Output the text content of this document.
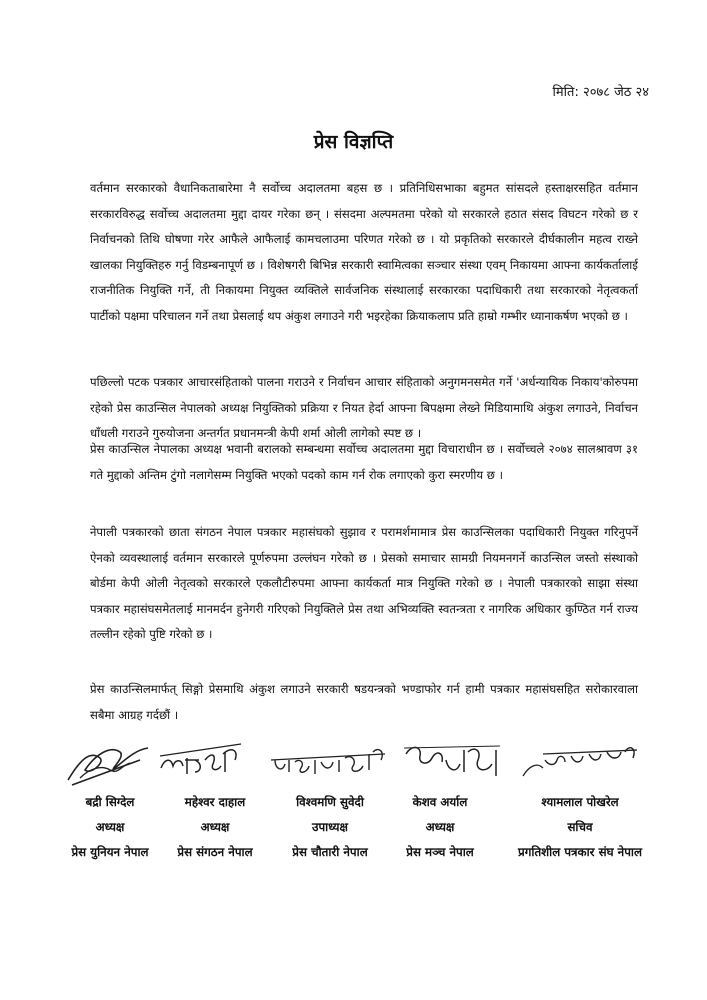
मिति: २०७८ जेठ २४
प्रेस विज्ञप्ति

वर्तमान सरकारको वैधानिकताबारेमा नै सर्वोच्च अदालतमा बहस छ । प्रतिनिधिसभाका बहुमत सांसदले हस्ताक्षरसहित वर्तमान सरकारविरुद्ध सर्वोच्च अदालतमा मुद्दा दायर गरेका छन् । संसदमा अल्पमतमा परेको यो सरकारले हठात संसद विघटन गरेको छ र निर्वाचनको तिथि घोषणा गरेर आफैले आफैलाई कामचलाउमा परिणत गरेको छ । यो प्रकृतिको सरकारले दीर्घकालीन महत्व राख्ने खालका नियुक्तिहरु गर्नु विडम्बनापूर्ण छ । विशेषगरी बिभिन्न सरकारी स्वामित्वका सञ्चार संस्था एवम् निकायमा आफ्ना कार्यकर्तालाई राजनीतिक नियुक्ति गर्ने, ती निकायमा नियुक्त व्यक्तिले सार्वजनिक संस्थालाई सरकारका पदाधिकारी तथा सरकारको नेतृत्वकर्ता पार्टीको पक्षमा परिचालन गर्ने तथा प्रेसलाई थप अंकुश लगाउने गरी भइरहेका क्रियाकलाप प्रति हाम्रो गम्भीर ध्यानाकर्षण भएको छ ।

पछिल्लो पटक पत्रकार आचारसंहिताको पालना गराउने र निर्वाचन आचार संहिताको अनुगमनसमेत गर्ने 'अर्धन्यायिक निकाय'कोरुपमा रहेको प्रेस काउन्सिल नेपालको अध्यक्ष नियुक्तिको प्रक्रिया र नियत हेर्दा आफ्ना बिपक्षमा लेख्ने मिडियामाथि अंकुश लगाउने, निर्वाचन धाँधली गराउने गुरुयोजना अन्तर्गत प्रधानमन्त्री केपी शर्मा ओली लागेको स्पष्ट छ ।

प्रेस काउन्सिल नेपालका अध्यक्ष भवानी बरालको सम्बन्धमा सर्वोच्च अदालतमा मुद्दा विचाराधीन छ । सर्वोच्चले २०७४ सालश्रावण ३१ गते मुद्दाको अन्तिम टुंगो नलागेसम्म नियुक्ति भएको पदको काम गर्न रोक लगाएको कुरा स्मरणीय छ ।

नेपाली पत्रकारको छाता संगठन नेपाल पत्रकार महासंघको सुझाव र परामर्शमामात्र प्रेस काउन्सिलका पदाधिकारी नियुक्त गरिनुपर्ने ऐनको व्यवस्थालाई वर्तमान सरकारले पूर्णरुपमा उल्लंघन गरेको छ । प्रेसको समाचार सामग्री नियमनगर्ने काउन्सिल जस्तो संस्थाको बोर्डमा केपी ओली नेतृत्वको सरकारले एकलौटीरुपमा आफ्ना कार्यकर्ता मात्र नियुक्ति गरेको छ । नेपाली पत्रकारको साझा संस्था पत्रकार महासंघसमेतलाई मानमर्दन हुनेगरी गरिएको नियुक्तिले प्रेस तथा अभिव्यक्ति स्वतन्त्रता र नागरिक अधिकार कुण्ठित गर्न राज्य तल्लीन रहेको पुष्टि गरेको छ ।

प्रेस काउन्सिलमार्फत् सिङ्गो प्रेसमाथि अंकुश लगाउने सरकारी षडयन्त्रको भण्डाफोर गर्न हामी पत्रकार महासंघसहित सरोकारवाला सबैमा आग्रह गर्दछौं ।

बद्री सिग्देल
अध्यक्ष
प्रेस युनियन नेपाल
महेश्वर दाहाल
अध्यक्ष
प्रेस संगठन नेपाल
विश्वमणि सुवेदी
उपाध्यक्ष
प्रेस चौतारी नेपाल
केशव अर्याल
अध्यक्ष
प्रेस मञ्च नेपाल
श्यामलाल पोखरेल
सचिव
प्रगतिशील पत्रकार संघ नेपाल
